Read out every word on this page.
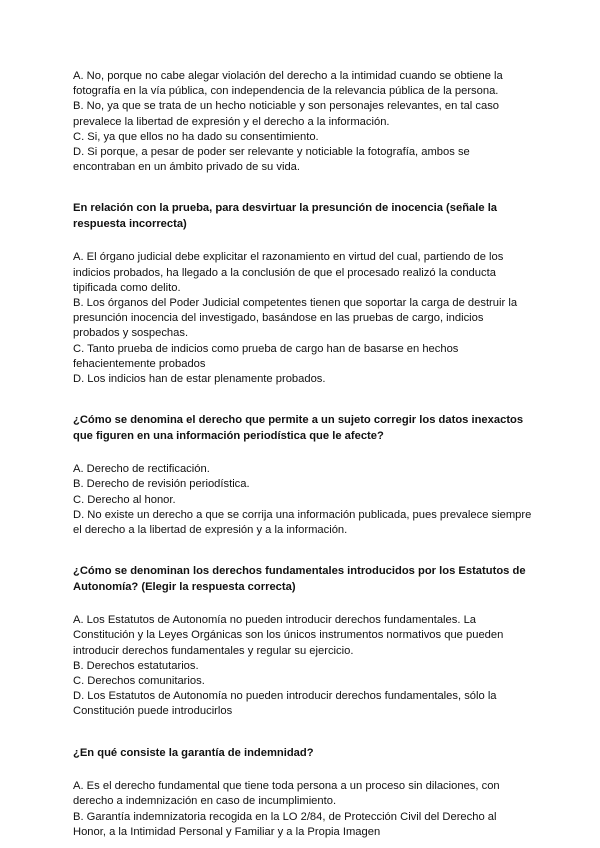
A. No, porque no cabe alegar violación del derecho a la intimidad cuando se obtiene la
fotografía en la vía pública, con independencia de la relevancia pública de la persona.
B. No, ya que se trata de un hecho noticiable y son personajes relevantes, en tal caso
prevalece la libertad de expresión y el derecho a la información.
C. Si, ya que ellos no ha dado su consentimiento.
D. Si porque, a pesar de poder ser relevante y noticiable la fotografía, ambos se
encontraban en un ámbito privado de su vida.
En relación con la prueba, para desvirtuar la presunción de inocencia (señale la
respuesta incorrecta)
A. El órgano judicial debe explicitar el razonamiento en virtud del cual, partiendo de los
indicios probados, ha llegado a la conclusión de que el procesado realizó la conducta
tipificada como delito.
B. Los órganos del Poder Judicial competentes tienen que soportar la carga de destruir la
presunción inocencia del investigado, basándose en las pruebas de cargo, indicios
probados y sospechas.
C. Tanto prueba de indicios como prueba de cargo han de basarse en hechos
fehacientemente probados
D. Los indicios han de estar plenamente probados.
¿Cómo se denomina el derecho que permite a un sujeto corregir los datos inexactos
que figuren en una información periodística que le afecte?
A. Derecho de rectificación.
B. Derecho de revisión periodística.
C. Derecho al honor.
D. No existe un derecho a que se corrija una información publicada, pues prevalece siempre
el derecho a la libertad de expresión y a la información.
¿Cómo se denominan los derechos fundamentales introducidos por los Estatutos de
Autonomía? (Elegir la respuesta correcta)
A. Los Estatutos de Autonomía no pueden introducir derechos fundamentales. La
Constitución y la Leyes Orgánicas son los únicos instrumentos normativos que pueden
introducir derechos fundamentales y regular su ejercicio.
B. Derechos estatutarios.
C. Derechos comunitarios.
D. Los Estatutos de Autonomía no pueden introducir derechos fundamentales, sólo la
Constitución puede introducirlos
¿En qué consiste la garantía de indemnidad?
A. Es el derecho fundamental que tiene toda persona a un proceso sin dilaciones, con
derecho a indemnización en caso de incumplimiento.
B. Garantía indemnizatoria recogida en la LO 2/84, de Protección Civil del Derecho al
Honor, a la Intimidad Personal y Familiar y a la Propia Imagen
